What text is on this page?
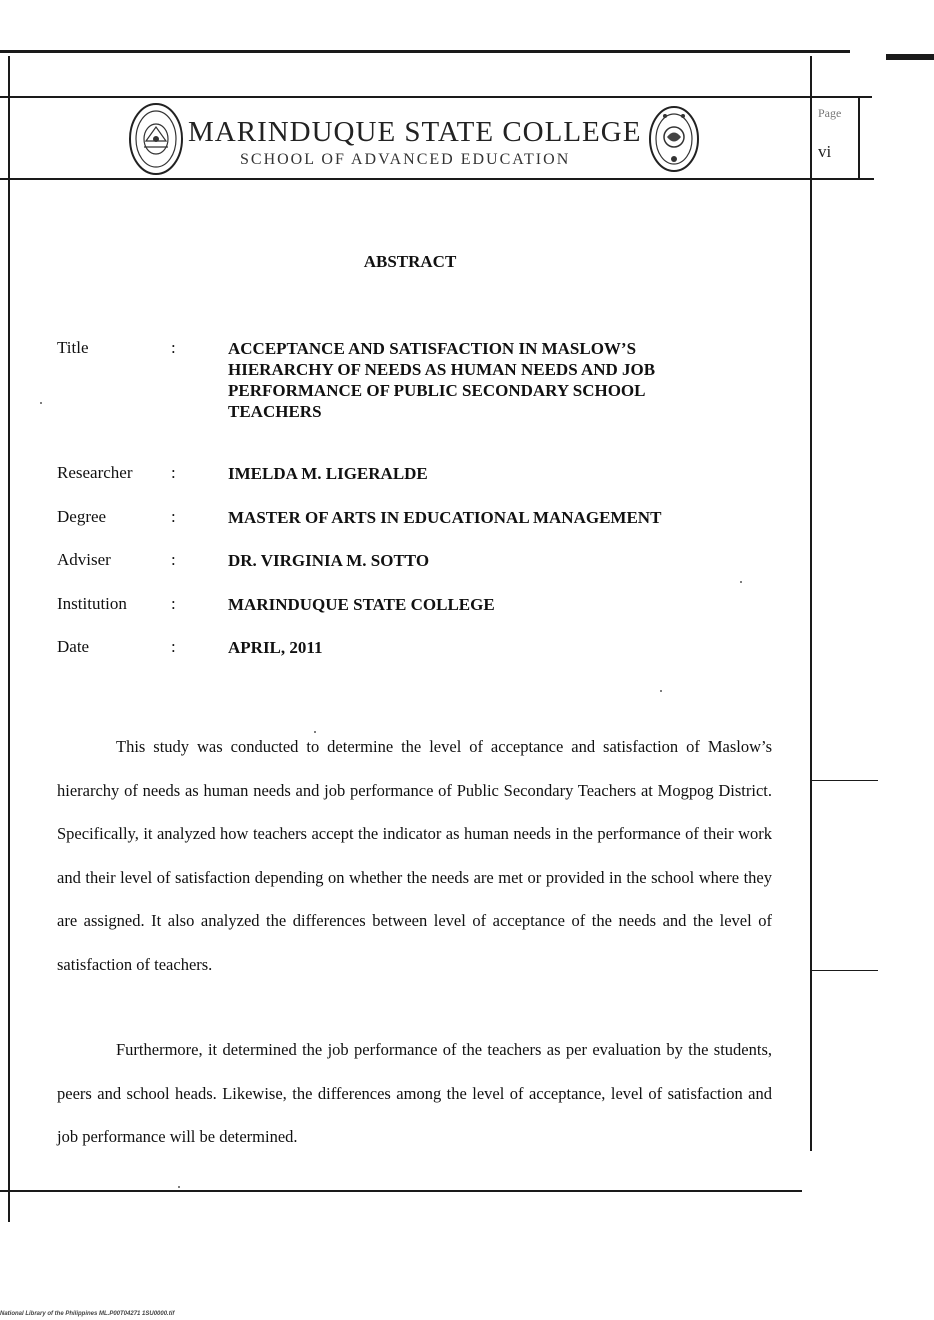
MARINDUQUE STATE COLLEGE
SCHOOL OF ADVANCED EDUCATION
Page
vi
ABSTRACT
Title	:	ACCEPTANCE AND SATISFACTION IN MASLOW’S HIERARCHY OF NEEDS AS HUMAN NEEDS AND JOB PERFORMANCE OF PUBLIC SECONDARY SCHOOL TEACHERS
Researcher :	IMELDA M. LIGERALDE
Degree	:	MASTER OF ARTS IN EDUCATIONAL MANAGEMENT
Adviser	:	DR. VIRGINIA M. SOTTO
Institution	:	MARINDUQUE STATE COLLEGE
Date	:	APRIL, 2011

This study was conducted to determine the level of acceptance and satisfaction of Maslow’s hierarchy of needs as human needs and job performance of Public Secondary Teachers at Mogpog District. Specifically, it analyzed how teachers accept the indicator as human needs in the performance of their work and their level of satisfaction depending on whether the needs are met or provided in the school where they are assigned. It also analyzed the differences between level of acceptance of the needs and the level of satisfaction of teachers.

Furthermore, it determined the job performance of the teachers as per evaluation by the students, peers and school heads. Likewise, the differences among the level of acceptance, level of satisfaction and job performance will be determined.

National Library of the Philippines ML.P00T04271 1SU0000.tif
